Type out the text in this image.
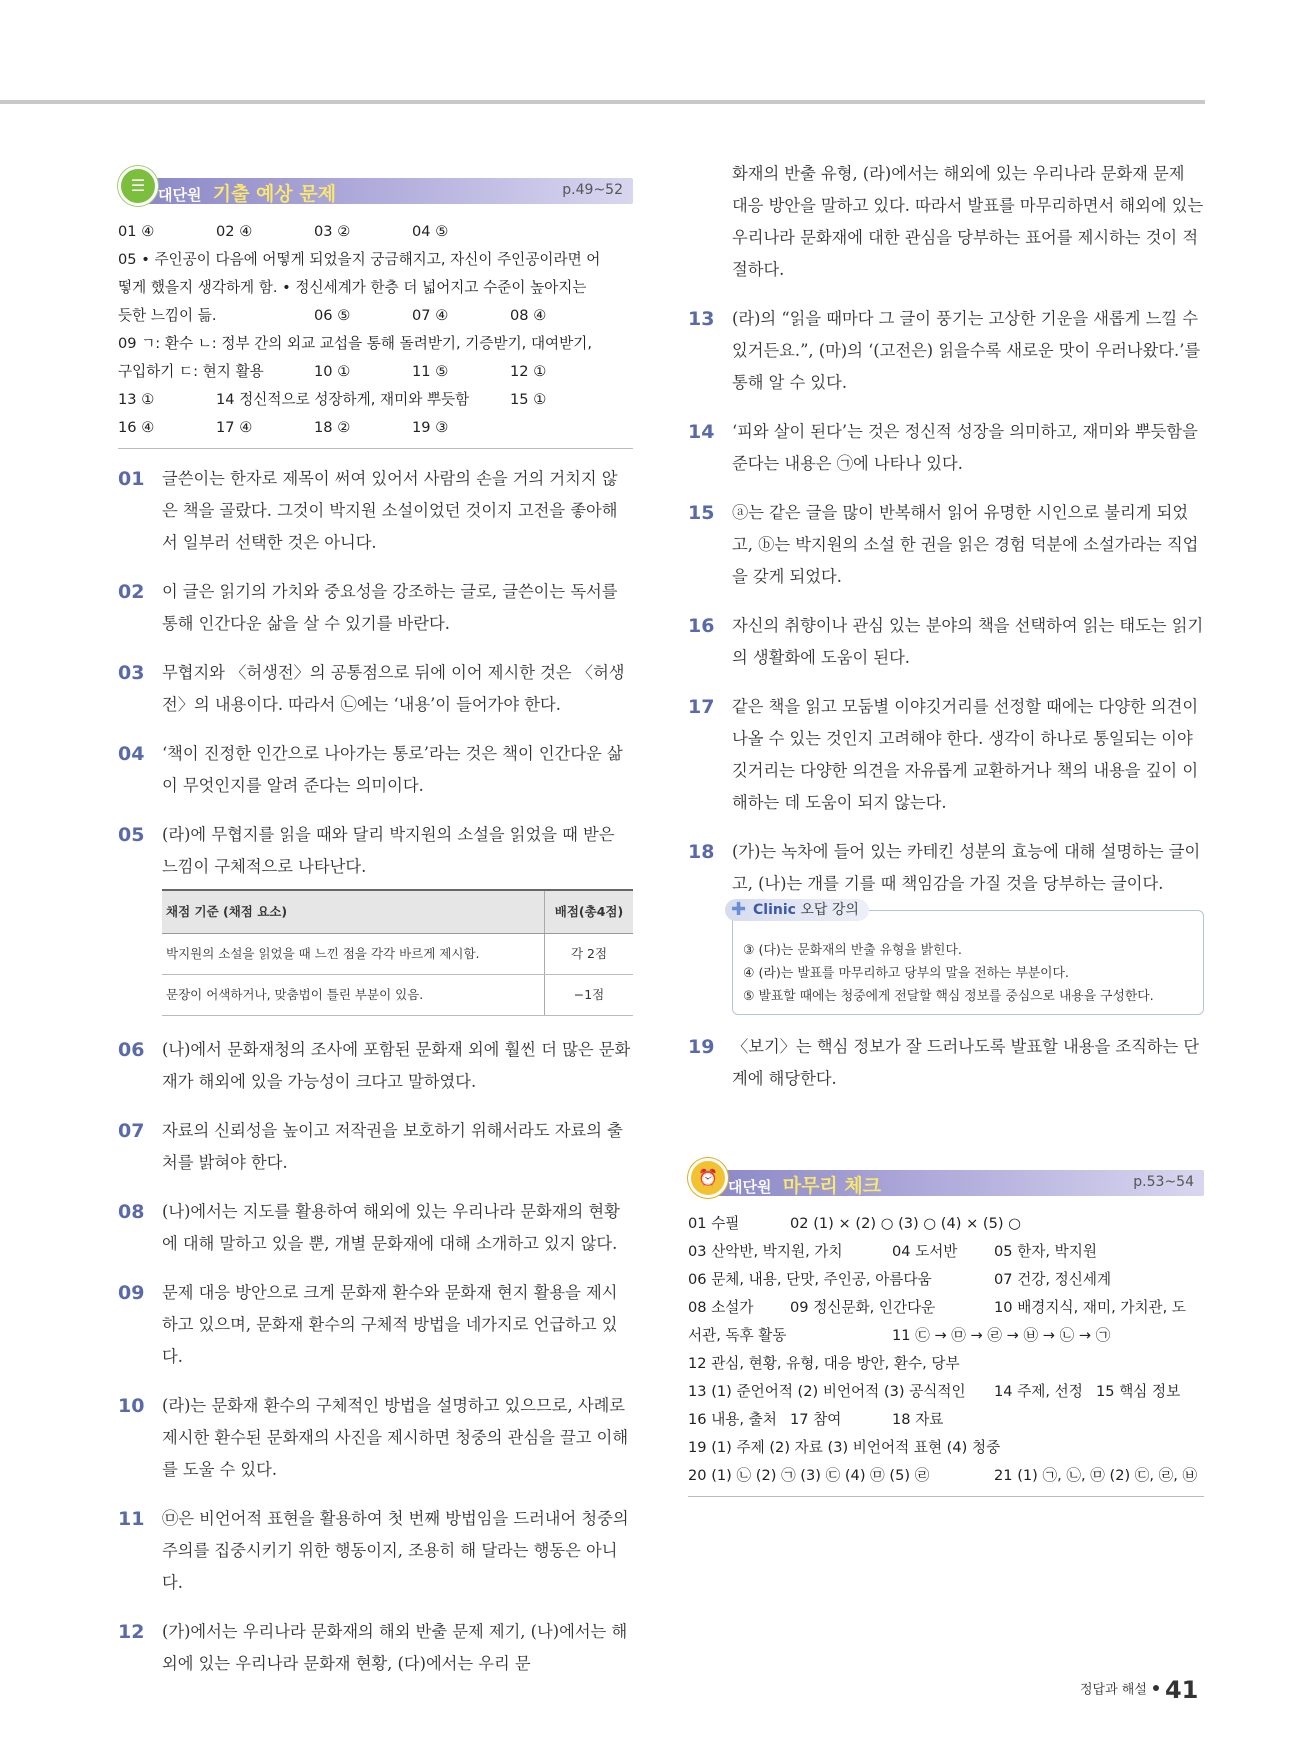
☰ 대단원 기출 예상 문제	p.49~52
01 ④	02 ④	03 ②	04 ⑤
05 • 주인공이 다음에 어떻게 되었을지 궁금해지고, 자신이 주인공이라면 어
떻게 했을지 생각하게 함. • 정신세계가 한층 더 넓어지고 수준이 높아지는
듯한 느낌이 듦.	06 ⑤	07 ④	08 ④
09 ㄱ: 환수 ㄴ: 정부 간의 외교 교섭을 통해 돌려받기, 기증받기, 대여받기,
구입하기 ㄷ: 현지 활용	10 ①	11 ⑤	12 ①
13 ①	14 정신적으로 성장하게, 재미와 뿌듯함	15 ①
16 ④	17 ④	18 ②	19 ③
01 글쓴이는 한자로 제목이 써여 있어서 사람의 손을 거의 거치지 않은 책을 골랐다. 그것이 박지원 소설이었던 것이지 고전을 좋아해서 일부러 선택한 것은 아니다.
02 이 글은 읽기의 가치와 중요성을 강조하는 글로, 글쓴이는 독서를 통해 인간다운 삶을 살 수 있기를 바란다.
03 무협지와 〈허생전〉의 공통점으로 뒤에 이어 제시한 것은 〈허생전〉의 내용이다. 따라서 ㉡에는 ‘내용’이 들어가야 한다.
04 ‘책이 진정한 인간으로 나아가는 통로’라는 것은 책이 인간다운 삶이 무엇인지를 알려 준다는 의미이다.
05 (라)에 무협지를 읽을 때와 달리 박지원의 소설을 읽었을 때 받은 느낌이 구체적으로 나타난다.
채점 기준 (채점 요소)	배점(총4점)
박지원의 소설을 읽었을 때 느낀 점을 각각 바르게 제시함.	각 2점
문장이 어색하거나, 맞춤법이 틀린 부분이 있음.	−1점
06 (나)에서 문화재청의 조사에 포함된 문화재 외에 훨씬 더 많은 문화재가 해외에 있을 가능성이 크다고 말하였다.
07 자료의 신뢰성을 높이고 저작권을 보호하기 위해서라도 자료의 출처를 밝혀야 한다.
08 (나)에서는 지도를 활용하여 해외에 있는 우리나라 문화재의 현황에 대해 말하고 있을 뿐, 개별 문화재에 대해 소개하고 있지 않다.
09 문제 대응 방안으로 크게 문화재 환수와 문화재 현지 활용을 제시하고 있으며, 문화재 환수의 구체적 방법을 네가지로 언급하고 있다.
10 (라)는 문화재 환수의 구체적인 방법을 설명하고 있으므로, 사례로 제시한 환수된 문화재의 사진을 제시하면 청중의 관심을 끌고 이해를 도울 수 있다.
11 ㉤은 비언어적 표현을 활용하여 첫 번째 방법임을 드러내어 청중의 주의를 집중시키기 위한 행동이지, 조용히 해 달라는 행동은 아니다.
12 (가)에서는 우리나라 문화재의 해외 반출 문제 제기, (나)에서는 해외에 있는 우리나라 문화재 현황, (다)에서는 우리 문
화재의 반출 유형, (라)에서는 해외에 있는 우리나라 문화재 문제 대응 방안을 말하고 있다. 따라서 발표를 마무리하면서 해외에 있는 우리나라 문화재에 대한 관심을 당부하는 표어를 제시하는 것이 적절하다.
13 (라)의 “읽을 때마다 그 글이 풍기는 고상한 기운을 새롭게 느낄 수 있거든요.”, (마)의 ‘(고전은) 읽을수록 새로운 맛이 우러나왔다.’를 통해 알 수 있다.
14 ‘피와 살이 된다’는 것은 정신적 성장을 의미하고, 재미와 뿌듯함을 준다는 내용은 ㉠에 나타나 있다.
15 ⓐ는 같은 글을 많이 반복해서 읽어 유명한 시인으로 불리게 되었고, ⓑ는 박지원의 소설 한 권을 읽은 경험 덕분에 소설가라는 직업을 갖게 되었다.
16 자신의 취향이나 관심 있는 분야의 책을 선택하여 읽는 태도는 읽기의 생활화에 도움이 된다.
17 같은 책을 읽고 모둠별 이야깃거리를 선정할 때에는 다양한 의견이 나올 수 있는 것인지 고려해야 한다. 생각이 하나로 통일되는 이야깃거리는 다양한 의견을 자유롭게 교환하거나 책의 내용을 깊이 이해하는 데 도움이 되지 않는다.
18 (가)는 녹차에 들어 있는 카테킨 성분의 효능에 대해 설명하는 글이고, (나)는 개를 기를 때 책임감을 가질 것을 당부하는 글이다.
✚ Clinic 오답 강의
③ (다)는 문화재의 반출 유형을 밝힌다.
④ (라)는 발표를 마무리하고 당부의 말을 전하는 부분이다.
⑤ 발표할 때에는 청중에게 전달할 핵심 정보를 중심으로 내용을 구성한다.
19 〈보기〉는 핵심 정보가 잘 드러나도록 발표할 내용을 조직하는 단계에 해당한다.
⏰ 대단원 마무리 체크	p.53~54
01 수필	02 (1) × (2) ○ (3) ○ (4) × (5) ○
03 산악반, 박지원, 가치	04 도서반 05 한자, 박지원
06 문체, 내용, 단맛, 주인공, 아름다움	07 건강, 정신세계
08 소설가 09 정신문화, 인간다운	10 배경지식, 재미, 가치관, 도
서관, 독후 활동	11 ㉢ → ㉤ → ㉣ → ㉥ → ㉡ → ㉠
12 관심, 현황, 유형, 대응 방안, 환수, 당부
13 (1) 준언어적 (2) 비언어적 (3) 공식적인 14 주제, 선정 15 핵심 정보
16 내용, 출처 17 참여	18 자료
19 (1) 주제 (2) 자료 (3) 비언어적 표현 (4) 청중
20 (1) ㉡ (2) ㉠ (3) ㉢ (4) ㉤ (5) ㉣	21 (1) ㉠, ㉡, ㉤ (2) ㉢, ㉣, ㉥
정답과 해설 41
